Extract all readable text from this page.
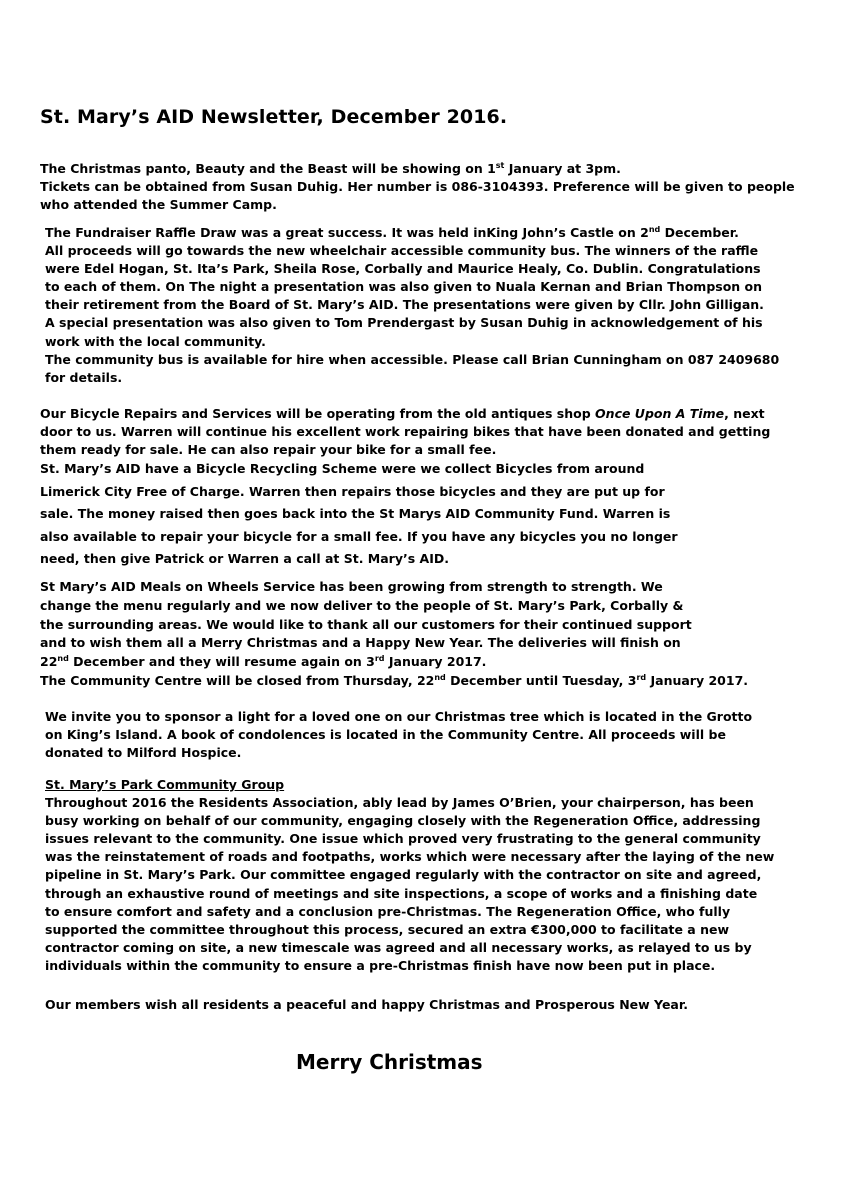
St. Mary’s AID Newsletter, December 2016.
The Christmas panto, Beauty and the Beast will be showing on 1st January at 3pm.
Tickets can be obtained from Susan Duhig. Her number is 086-3104393. Preference will be given to people
who attended the Summer Camp.
The Fundraiser Raffle Draw was a great success. It was held inKing John’s Castle on 2nd December.
All proceeds will go towards the new wheelchair accessible community bus. The winners of the raffle
were Edel Hogan, St. Ita’s Park, Sheila Rose, Corbally and Maurice Healy, Co. Dublin. Congratulations
to each of them. On The night a presentation was also given to Nuala Kernan and Brian Thompson on
their retirement from the Board of St. Mary’s AID. The presentations were given by Cllr. John Gilligan.
A special presentation was also given to Tom Prendergast by Susan Duhig in acknowledgement of his
work with the local community.
The community bus is available for hire when accessible. Please call Brian Cunningham on 087 2409680
for details.
Our Bicycle Repairs and Services will be operating from the old antiques shop Once Upon A Time, next
door to us. Warren will continue his excellent work repairing bikes that have been donated and getting
them ready for sale. He can also repair your bike for a small fee.
St. Mary’s AID have a Bicycle Recycling Scheme were we collect Bicycles from around
Limerick City Free of Charge. Warren then repairs those bicycles and they are put up for
sale. The money raised then goes back into the St Marys AID Community Fund. Warren is
also available to repair your bicycle for a small fee. If you have any bicycles you no longer
need, then give Patrick or Warren a call at St. Mary’s AID.
St Mary’s AID Meals on Wheels Service has been growing from strength to strength. We
change the menu regularly and we now deliver to the people of St. Mary’s Park, Corbally &
the surrounding areas. We would like to thank all our customers for their continued support
and to wish them all a Merry Christmas and a Happy New Year. The deliveries will finish on
22nd December and they will resume again on 3rd January 2017.
The Community Centre will be closed from Thursday, 22nd December until Tuesday, 3rd January 2017.
We invite you to sponsor a light for a loved one on our Christmas tree which is located in the Grotto
on King’s Island. A book of condolences is located in the Community Centre. All proceeds will be
donated to Milford Hospice.
St. Mary’s Park Community Group
Throughout 2016 the Residents Association, ably lead by James O’Brien, your chairperson, has been
busy working on behalf of our community, engaging closely with the Regeneration Office, addressing
issues relevant to the community. One issue which proved very frustrating to the general community
was the reinstatement of roads and footpaths, works which were necessary after the laying of the new
pipeline in St. Mary’s Park. Our committee engaged regularly with the contractor on site and agreed,
through an exhaustive round of meetings and site inspections, a scope of works and a finishing date
to ensure comfort and safety and a conclusion pre-Christmas. The Regeneration Office, who fully
supported the committee throughout this process, secured an extra €300,000 to facilitate a new
contractor coming on site, a new timescale was agreed and all necessary works, as relayed to us by
individuals within the community to ensure a pre-Christmas finish have now been put in place.
Our members wish all residents a peaceful and happy Christmas and Prosperous New Year.

Merry Christmas
